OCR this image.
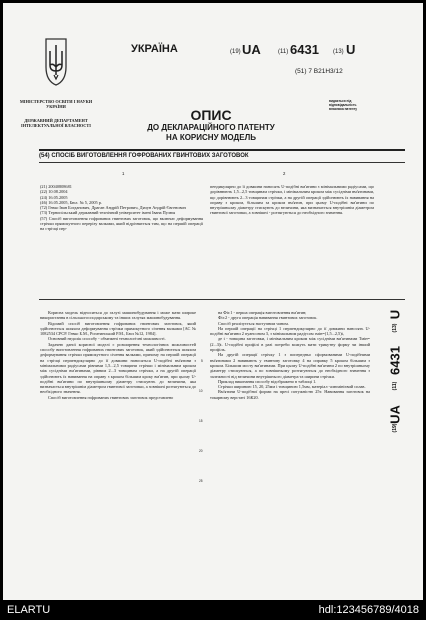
МІНІСТЕРСТВО ОСВІТИ І НАУКИ УКРАЇНИ
ДЕРЖАВНИЙ ДЕПАРТАМЕНТ ІНТЕЛЕКТУАЛЬНОЇ ВЛАСНОСТІ
УКРАЇНА	(19) UA	(11) 6431 (13) U
(51) 7 В21Н3/12
ОПИС
ДО ДЕКЛАРАЦІЙНОГО ПАТЕНТУ
НА КОРИСНУ МОДЕЛЬ
видається під відповідальність власника патенту
(54) СПОСІБ ВИГОТОВЛЕННЯ ГОФРОВАНИХ ГВИНТОВИХ ЗАГОТОВОК
1	2
(21) 20040808681
(22) 10.08.2004
(24) 16.05.2005
(46) 16.05.2005, Бюл. № 5, 2005 р.
(72) Гевко Іван Богданович, Драган Андрій Петрович, Дячун Андрій Євгенович
(73) Тернопільський державний технічний університет імені Івана Пулюя
(57) Спосіб виготовлення гофрованих гвинтових заготовок, що включає деформування стрічки прямокутного перерізу валками, який відрізняється тим, що на першій операції на стрічці пер-
пендикулярно до її довжини наносять U-подібні вм'ятини з мінімальними радіусами, що дорівнюють 1,5...2,5 товщинам стрічки, і мінімальним кроком між сусідніми вм'ятинами, що дорівнюють 2...3 товщинам стрічки, а на другій операції здійснюють їх навивання на оправу з кроком, більшим за кроком вм'ятин, при цьому U-подібні вм'ятини по внутрішньому діаметру стискують до величини, яка визначається внутрішнім діаметром гвинтової заготовки, а зовнішні - розтягуються до необхідного значення.
5
10
15
20
25

Корисна модель відноситься до галузі машинобудування і може мати широке використання в сільськогосподарському та інших галузях машинобудування.

Відомий спосіб виготовлення гофрованих гвинтових заготовок, який здійснюється шляхом деформування стрічки прямокутного січення валками [АС № 1082534 СРСР. Гевко Б.М., Рогатинський Р.М., Бюл №12, 1984].

Основний недолік способу - обмежені технологічні можливості.

Задачею даної корисної моделі є розширення технологічних можливостей способу виготовлення гофрованих гвинтових заготовок, який здійснюється шляхом деформування стрічки прямокутного січення валками, причому на першій операції на стрічці перпендикулярно до її довжини наносяться U-подібні вм'ятини з мінімальними радіусами рівними 1,5...2,5 товщини стрічки і мінімальним кроком між сусідніми вм'ятинами, рівним 2...3 товщинам стрічки, а на другій операції здійснюють їх навивання на оправу з кроком більшим кроку вм'ятин, при цьому U-подібні вм'ятини по внутрішньому діаметру стискують до величини, яка визначається внутрішнім діаметром гвинтової заготовки, а зовнішні розтягуються до необхідного значення.

Спосіб виготовлення гофрованих гвинтових заготовок представлено

на Фіг.1 - перша операція виготовлення вм'ятин;

Фіг.2 - друга операція навивання гвинтових заготовок.

Спосіб реалізується наступним чином.

На першій операції на стрічці 1 перпендикулярно до її довжини наносять U-подібні вм'ятини 2 пуансоном 3, з мінімальним радіусом rмін=(1,5...2,5)t,

де t - товщина заготовки, і мінімальним кроком між сусідніми вм'ятинами Тмін=(2...3)t. U-подібні профілі в разі потреби можуть мати трикутну форму чи інший профіль.

На другій операції стрічку 1 з попередньо сформованими U-подібними вм'ятинами 2 навивають у гвинтову заготовку 4 на оправку 5 кроком більшим з кроком. Більшим мосту вм'ятинами. При цьому U-подібні вм'ятини 2 по внутрішньому діаметру стискуються, а по зовнішньому розтягуються до необхідного значення з залежності від величини внутрішнього діаметра та ширини стрічки.

Приклад виконання способу відображено в таблиці 1.

Стрічки шириною 15, 20, 25мм і товщиною 1,5мм, матеріал -алюмінієвий сплав.

Вм'ятини U-подібної форми на пресі потужністю 25т. Навивання заготовок на токарному верстаті 16К20.

(19)
UA
(11)
6431
(13)
U
ELARTU	hdl:123456789/4018
